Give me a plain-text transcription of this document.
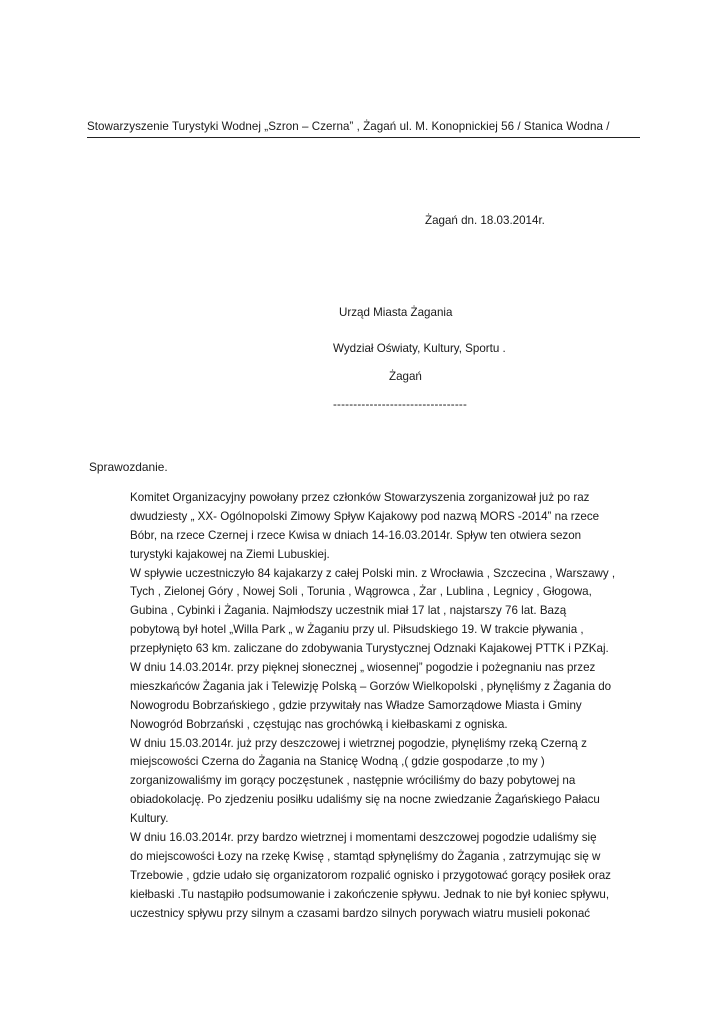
Stowarzyszenie Turystyki Wodnej „Szron – Czerna” , Żagań ul. M. Konopnickiej 56 / Stanica Wodna /
Żagań dn. 18.03.2014r.
Urząd Miasta Żagania
Wydział Oświaty, Kultury, Sportu .
Żagań
---------------------------------
Sprawozdanie.
Komitet Organizacyjny powołany przez członków Stowarzyszenia zorganizował już po raz
dwudziesty „ XX- Ogólnopolski Zimowy Spływ Kajakowy pod nazwą MORS -2014” na rzece
Bóbr, na rzece Czernej i rzece Kwisa w dniach 14-16.03.2014r. Spływ ten otwiera sezon
turystyki kajakowej na Ziemi Lubuskiej.
W spływie uczestniczyło 84 kajakarzy z całej Polski min. z Wrocławia , Szczecina , Warszawy ,
Tych , Zielonej Góry , Nowej Soli , Torunia , Wągrowca , Żar , Lublina , Legnicy , Głogowa,
Gubina , Cybinki i Żagania. Najmłodszy uczestnik miał 17 lat , najstarszy 76 lat. Bazą
pobytową był hotel „Willa Park „ w Żaganiu przy ul. Piłsudskiego 19. W trakcie pływania ,
przepłynięto 63 km. zaliczane do zdobywania Turystycznej Odznaki Kajakowej PTTK i PZKaj.
W dniu 14.03.2014r. przy pięknej słonecznej „ wiosennej” pogodzie i pożegnaniu nas przez
mieszkańców Żagania jak i Telewizję Polską – Gorzów Wielkopolski , płynęliśmy z Żagania do
Nowogrodu Bobrzańskiego , gdzie przywitały nas Władze Samorządowe Miasta i Gminy
Nowogród Bobrzański , częstując nas grochówką i kiełbaskami z ogniska.
W dniu 15.03.2014r. już przy deszczowej i wietrznej pogodzie, płynęliśmy rzeką Czerną z
miejscowości Czerna do Żagania na Stanicę Wodną ,( gdzie gospodarze ,to my )
zorganizowaliśmy im gorący poczęstunek , następnie wróciliśmy do bazy pobytowej na
obiadokolację. Po zjedzeniu posiłku udaliśmy się na nocne zwiedzanie Żagańskiego Pałacu
Kultury.
W dniu 16.03.2014r. przy bardzo wietrznej i momentami deszczowej pogodzie udaliśmy się
do miejscowości Łozy na rzekę Kwisę , stamtąd spłynęliśmy do Żagania , zatrzymując się w
Trzebowie , gdzie udało się organizatorom rozpalić ognisko i przygotować gorący posiłek oraz
kiełbaski .Tu nastąpiło podsumowanie i zakończenie spływu. Jednak to nie był koniec spływu,
uczestnicy spływu przy silnym a czasami bardzo silnych porywach wiatru musieli pokonać
